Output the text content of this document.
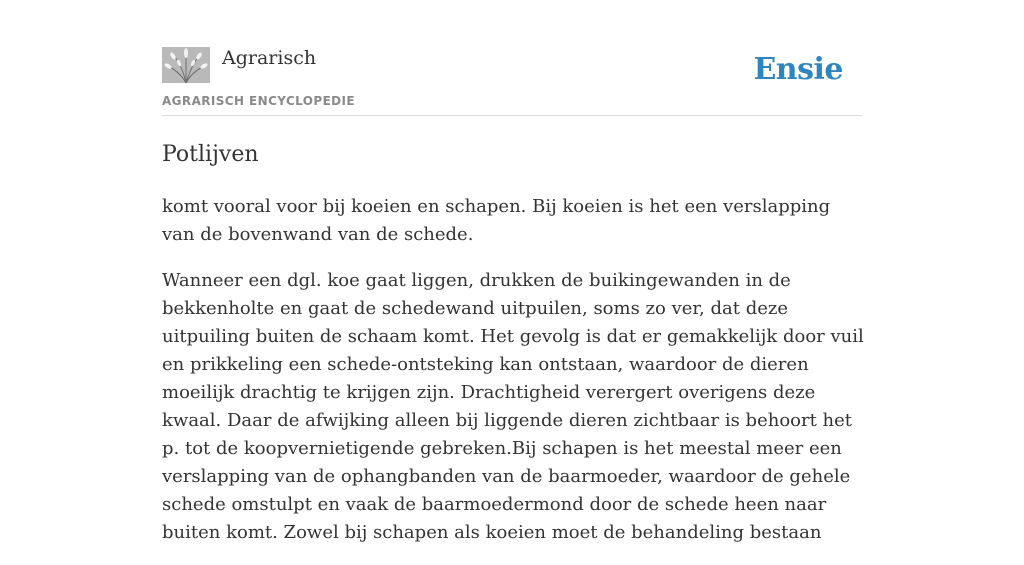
Agrarisch
AGRARISCH ENCYCLOPEDIE
Ensie
Potlijven

komt vooral voor bij koeien en schapen. Bij koeien is het een verslapping van de bovenwand van de schede.

Wanneer een dgl. koe gaat liggen, drukken de buikingewanden in de bekkenholte en gaat de schedewand uitpuilen, soms zo ver, dat deze uitpuiling buiten de schaam komt. Het gevolg is dat er gemakkelijk door vuil en prikkeling een schede-ontsteking kan ontstaan, waardoor de dieren moeilijk drachtig te krijgen zijn. Drachtigheid verergert overigens deze kwaal. Daar de afwijking alleen bij liggende dieren zichtbaar is behoort het p. tot de koopvernietigende gebreken.Bij schapen is het meestal meer een verslapping van de ophangbanden van de baarmoeder, waardoor de gehele schede omstulpt en vaak de baarmoedermond door de schede heen naar buiten komt. Zowel bij schapen als koeien moet de behandeling bestaan
